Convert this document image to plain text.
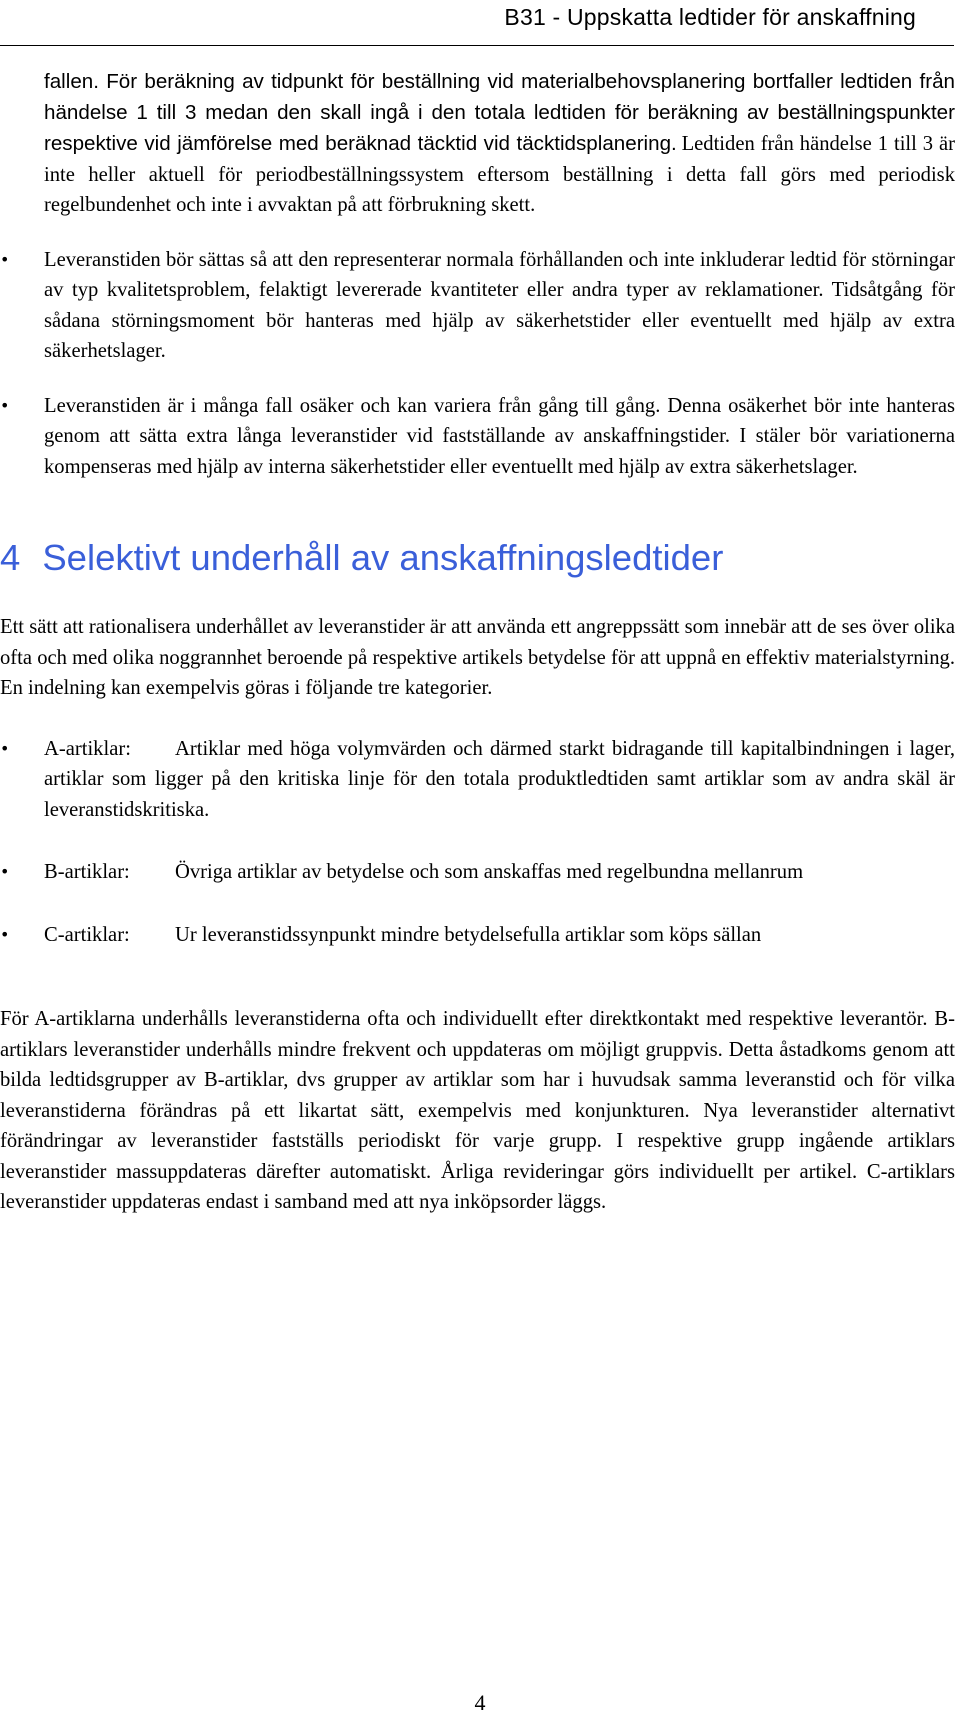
B31 - Uppskatta ledtider för anskaffning

fallen. För beräkning av tidpunkt för beställning vid materialbehovsplanering bortfaller ledtiden från händelse 1 till 3 medan den skall ingå i den totala ledtiden för beräkning av beställningspunkter respektive vid jämförelse med beräknad täcktid vid täcktidsplanering. Ledtiden från händelse 1 till 3 är inte heller aktuell för periodbeställningssystem eftersom beställning i detta fall görs med periodisk regelbundenhet och inte i avvaktan på att förbrukning skett.

• Leveranstiden bör sättas så att den representerar normala förhållanden och inte inkluderar ledtid för störningar av typ kvalitetsproblem, felaktigt levererade kvantiteter eller andra typer av reklamationer. Tidsåtgång för sådana störningsmoment bör hanteras med hjälp av säkerhetstider eller eventuellt med hjälp av extra säkerhetslager.
• Leveranstiden är i många fall osäker och kan variera från gång till gång. Denna osäkerhet bör inte hanteras genom att sätta extra långa leveranstider vid fastställande av anskaffningstider. I stäler bör variationerna kompenseras med hjälp av interna säkerhetstider eller eventuellt med hjälp av extra säkerhetslager.
4 Selektivt underhåll av anskaffningsledtider

Ett sätt att rationalisera underhållet av leveranstider är att använda ett angreppssätt som innebär att de ses över olika ofta och med olika noggrannhet beroende på respektive artikels betydelse för att uppnå en effektiv materialstyrning. En indelning kan exempelvis göras i följande tre kategorier.

• A-artiklar: Artiklar med höga volymvärden och därmed starkt bidragande till kapitalbindningen i lager, artiklar som ligger på den kritiska linje för den totala produktledtiden samt artiklar som av andra skäl är leveranstidskritiska.
• B-artiklar: Övriga artiklar av betydelse och som anskaffas med regelbundna mellanrum
• C-artiklar: Ur leveranstidssynpunkt mindre betydelsefulla artiklar som köps sällan

För A-artiklarna underhålls leveranstiderna ofta och individuellt efter direktkontakt med respektive leverantör. B-artiklars leveranstider underhålls mindre frekvent och uppdateras om möjligt gruppvis. Detta åstadkoms genom att bilda ledtidsgrupper av B-artiklar, dvs grupper av artiklar som har i huvudsak samma leveranstid och för vilka leveranstiderna förändras på ett likartat sätt, exempelvis med konjunkturen. Nya leveranstider alternativt förändringar av leveranstider fastställs periodiskt för varje grupp. I respektive grupp ingående artiklars leveranstider massuppdateras därefter automatiskt. Årliga revideringar görs individuellt per artikel. C-artiklars leveranstider uppdateras endast i samband med att nya inköpsorder läggs.

4
